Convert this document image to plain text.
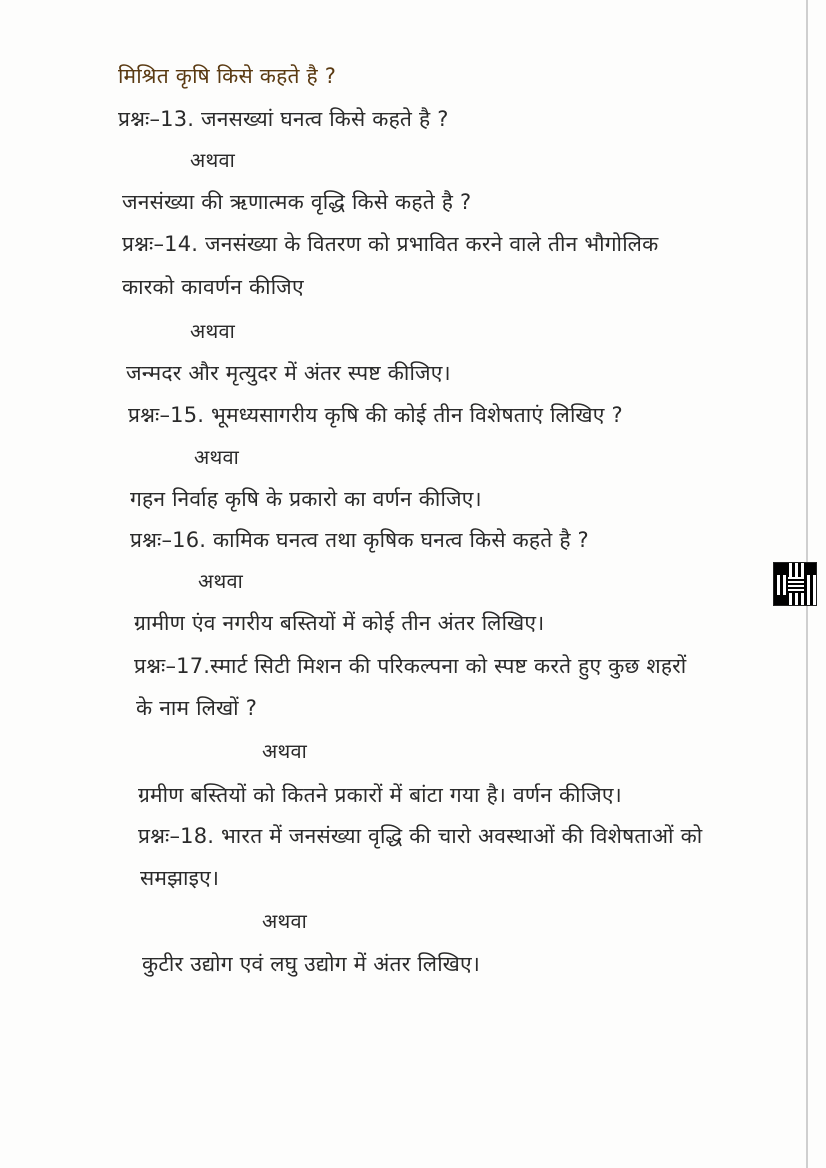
मिश्रित कृषि किसे कहते है ?
प्रश्नः–13. जनसख्यां घनत्व किसे कहते है ?
अथवा
जनसंख्या की ऋणात्मक वृद्धि किसे कहते है ?
प्रश्नः–14. जनसंख्या के वितरण को प्रभावित करने वाले तीन भौगोलिक
कारको कावर्णन कीजिए
अथवा
जन्मदर और मृत्युदर में अंतर स्पष्ट कीजिए।
प्रश्नः–15. भूमध्यसागरीय कृषि की कोई तीन विशेषताएं लिखिए ?
अथवा
गहन निर्वाह कृषि के प्रकारो का वर्णन कीजिए।
प्रश्नः–16. कामिक घनत्व तथा कृषिक घनत्व किसे कहते है ?
अथवा
ग्रामीण एंव नगरीय बस्तियों में कोई तीन अंतर लिखिए।
प्रश्नः–17.स्मार्ट सिटी मिशन की परिकल्पना को स्पष्ट करते हुए कुछ शहरों
के नाम लिखों ?
अथवा
ग्रमीण बस्तियों को कितने प्रकारों में बांटा गया है। वर्णन कीजिए।
प्रश्नः–18. भारत में जनसंख्या वृद्धि की चारो अवस्थाओं की विशेषताओं को
समझाइए।
अथवा
कुटीर उद्योग एवं लघु उद्योग में अंतर लिखिए।
